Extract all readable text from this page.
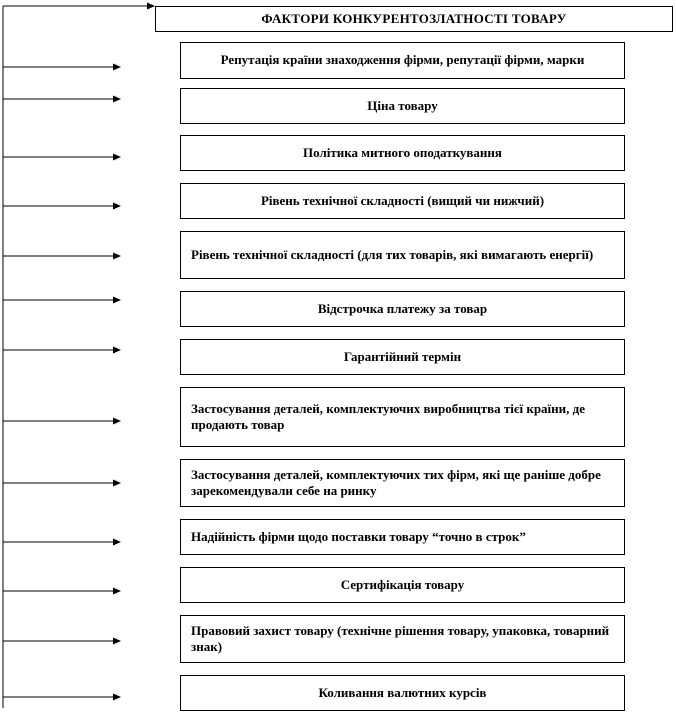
ФАКТОРИ КОНКУРЕНТОЗЛАТНОСТІ ТОВАРУ
Репутація країни знаходження фірми, репутації фірми, марки
Ціна товару
Політика митного оподаткування
Рівень технічної складності (вищий чи нижчий)
Рівень технічної складності (для тих товарів, які вимагають енергії)
Відстрочка платежу за товар
Гарантійний термін
Застосування деталей, комплектуючих виробництва тієї країни, де продають товар
Застосування деталей, комплектуючих тих фірм, які ще раніше добре зарекомендували себе на ринку
Надійність фірми щодо поставки товару “точно в строк”
Сертифікація товару
Правовий захист товару (технічне рішення товару, упаковка, товарний знак)
Коливання валютних курсів
